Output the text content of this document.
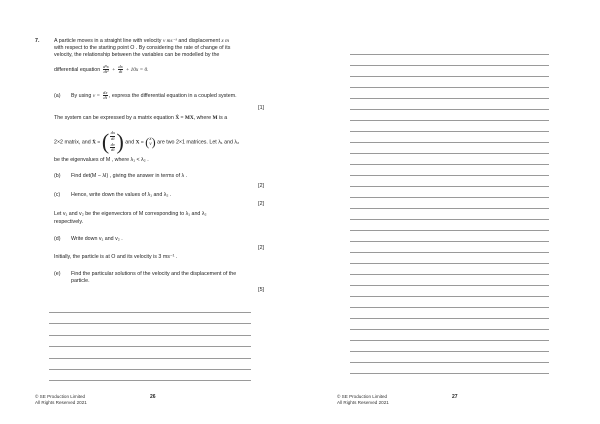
7.	A particle moves in a straight line with velocity v ms⁻¹ and displacement x m
with respect to the starting point O . By considering the rate of change of its
velocity, the relationship between the variables can be modelled by the
differential equation $\frac{\text{d²x}}{\text{dt²}} + \frac{dx}{dt} + 10x = 0$.
(a) By using $v = \frac{dx}{dt}$ , express the differential equation in a coupled system.
[1]
The system can be expressed by a matrix equation Ẋ = MX, where M is a
2×2 matrix, and Ẋ = ( dx
dt
dv
dt ) and X = ( x
v ) are two 2×1 matrices. Let λ₁ and λ₂
be the eigenvalues of M , where λ₁ < λ₂ .
(b) Find det(M − λI) , giving the answer in terms of λ .
[2]
(c) Hence, write down the values of λ₁ and λ₂ .
[2]
Let v₁ and v₂ be the eigenvectors of M corresponding to λ₁ and λ₂
respectively.
(d) Write down v₁ and v₂ .
[2]
Initially, the particle is at O and its velocity is 3 ms⁻¹ .
(e) Find the particular solutions of the velocity and the displacement of the
particle.
[5]
© SE Production Limited
All Rights Reserved 2021
26	© SE Production Limited
All Rights Reserved 2021
27
